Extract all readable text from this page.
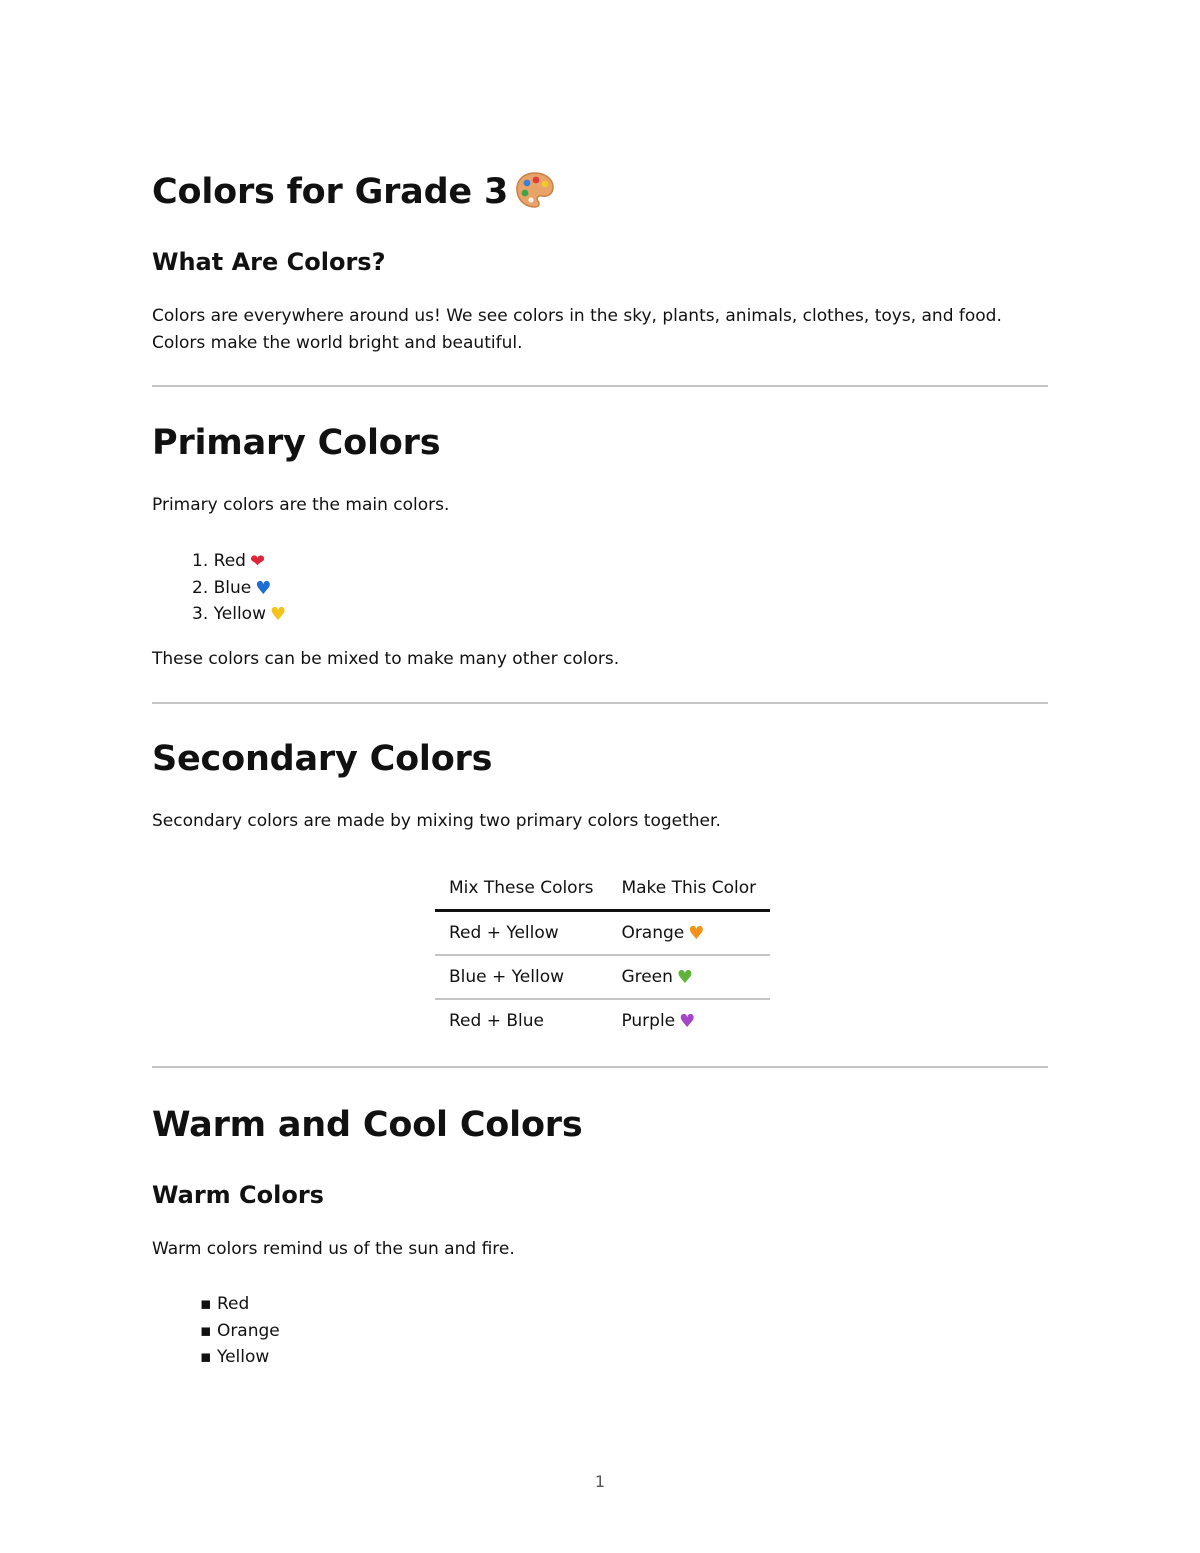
Colors for Grade 3
What Are Colors?

Colors are everywhere around us! We see colors in the sky, plants, animals, clothes, toys, and food. Colors make the world bright and beautiful.

Primary Colors

Primary colors are the main colors.

1. Red ❤
2. Blue ♥
3. Yellow ♥

These colors can be mixed to make many other colors.

Secondary Colors

Secondary colors are made by mixing two primary colors together.

Mix These Colors	Make This Color
Red + Yellow	Orange ♥
Blue + Yellow	Green ♥
Red + Blue	Purple ♥
Warm and Cool Colors
Warm Colors

Warm colors remind us of the sun and fire.

▪ Red
▪ Orange
▪ Yellow
1
